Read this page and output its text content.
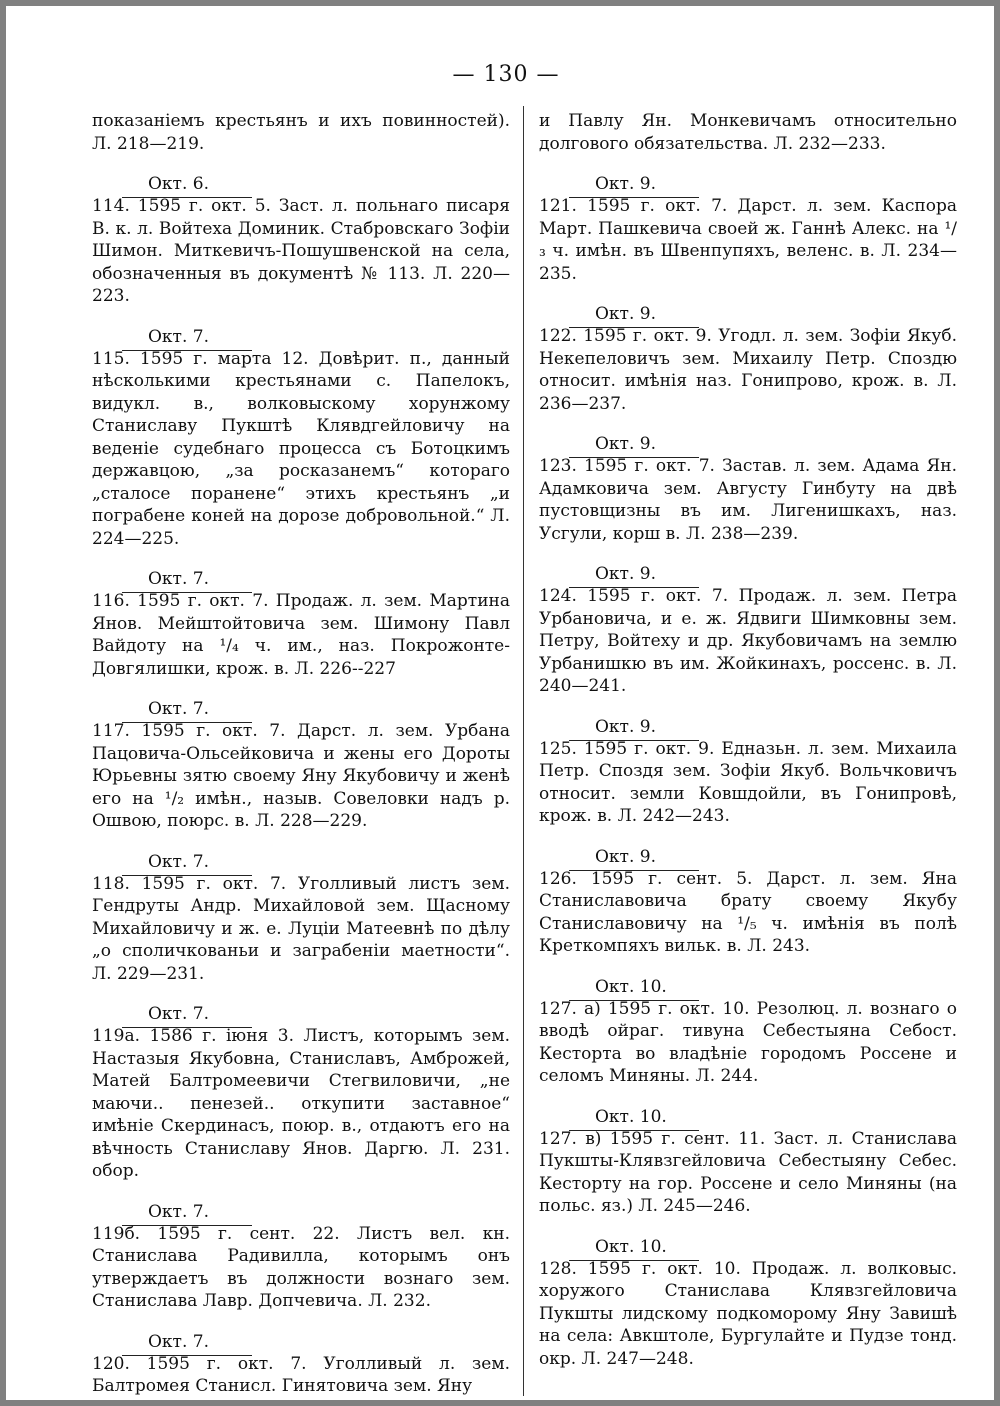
— 130 —

показаніемъ крестьянъ и ихъ повинностей). Л. 218—219.

Окт. 6.

114. 1595 г. окт. 5. Заст. л. польнаго писаря В. к. л. Войтеха Доминик. Стабровскаго Зофіи Шимон. Миткевичъ-Пошушвенской на села, обозначенныя въ документѣ № 113. Л. 220—223.

Окт. 7.

115. 1595 г. марта 12. Довѣрит. п., данный нѣсколькими крестьянами с. Папелокъ, видукл. в., волковыскому хорунжому Станиславу Пукштѣ Клявдгейловичу на веденіе судебнаго процесса съ Ботоцкимъ державцою, „за росказанемъ“ котораго „сталосе поранене“ этихъ крестьянъ „и пограбене коней на дорозе добровольной.“ Л. 224—225.

Окт. 7.

116. 1595 г. окт. 7. Продаж. л. зем. Мартина Янов. Мейштойтовича зем. Шимону Павл Вайдоту на ¹/₄ ч. им., наз. Покрожонте-Довгялишки, крож. в. Л. 226--227

Окт. 7.

117. 1595 г. окт. 7. Дарст. л. зем. Урбана Пацовича-Ольсейковича и жены его Дороты Юрьевны зятю своему Яну Якубовичу и женѣ его на ¹/₂ имѣн., назыв. Совеловки надъ р. Ошвою, поюрс. в. Л. 228—229.

Окт. 7.

118. 1595 г. окт. 7. Уголливый листъ зем. Гендруты Андр. Михайловой зем. Щасному Михайловичу и ж. е. Луціи Матеевнѣ по дѣлу „о споличкованьи и заграбеніи маетности“. Л. 229—231.

Окт. 7.

119а. 1586 г. іюня 3. Листъ, которымъ зем. Настазыя Якубовна, Станиславъ, Амброжей, Матей Балтромеевичи Стегвиловичи, „не маючи.. пенезей.. откупити заставное“ имѣніе Скердинасъ, поюр. в., отдаютъ его на вѣчность Станиславу Янов. Даргю. Л. 231. обор.

Окт. 7.

119б. 1595 г. сент. 22. Листъ вел. кн. Станислава Радивилла, которымъ онъ утверждаетъ въ должности вознаго зем. Станислава Лавр. Допчевича. Л. 232.

Окт. 7.

120. 1595 г. окт. 7. Уголливый л. зем. Балтромея Станисл. Гинятовича зем. Яну

и Павлу Ян. Монкевичамъ относительно долгового обязательства. Л. 232—233.

Окт. 9.

121. 1595 г. окт. 7. Дарст. л. зем. Каспора Март. Пашкевича своей ж. Ганнѣ Алекс. на ¹/₃ ч. имѣн. въ Швенпупяхъ, веленс. в. Л. 234—235.

Окт. 9.

122. 1595 г. окт. 9. Угодл. л. зем. Зофіи Якуб. Некепеловичъ зем. Михаилу Петр. Споздю относит. имѣнія наз. Гонипрово, крож. в. Л. 236—237.

Окт. 9.

123. 1595 г. окт. 7. Застав. л. зем. Адама Ян. Адамковича зем. Августу Гинбуту на двѣ пустовщизны въ им. Лигенишкахъ, наз. Усгули, корш в. Л. 238—239.

Окт. 9.

124. 1595 г. окт. 7. Продаж. л. зем. Петра Урбановича, и е. ж. Ядвиги Шимковны зем. Петру, Войтеху и др. Якубовичамъ на землю Урбанишкю въ им. Жойкинахъ, россенс. в. Л. 240—241.

Окт. 9.

125. 1595 г. окт. 9. Едназьн. л. зем. Михаила Петр. Споздя зем. Зофіи Якуб. Вольчковичъ относит. земли Ковшдойли, въ Гонипровѣ, крож. в. Л. 242—243.

Окт. 9.

126. 1595 г. сент. 5. Дарст. л. зем. Яна Станиславовича брату своему Якубу Станиславовичу на ¹/₅ ч. имѣнія въ полѣ Креткомпяхъ вильк. в. Л. 243.

Окт. 10.

127. а) 1595 г. окт. 10. Резолюц. л. вознаго о вводѣ ойраг. тивуна Себестыяна Себост. Кесторта во владѣніе городомъ Россене и селомъ Миняны. Л. 244.

Окт. 10.

127. в) 1595 г. сент. 11. Заст. л. Станислава Пукшты-Клявзгейловича Себестыяну Себес. Кесторту на гор. Россене и село Миняны (на польс. яз.) Л. 245—246.

Окт. 10.

128. 1595 г. окт. 10. Продаж. л. волковыс. хоружого Станислава Клявзгейловича Пукшты лидскому подкоморому Яну Завишѣ на села: Авкштоле, Бургулайте и Пудзе тонд. окр. Л. 247—248.
